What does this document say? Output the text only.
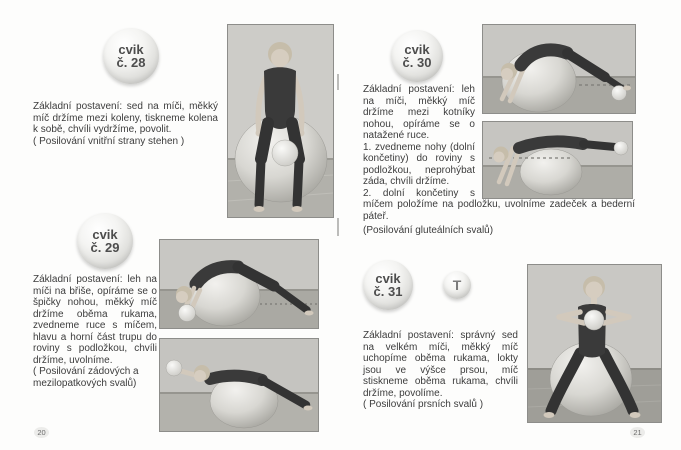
cvik
č. 28

Základní postavení: sed na míči, měkký míč držíme mezi koleny, tiskneme kolena k sobě, chvíli vydržíme, povolit.

( Posilování vnitřní strany stehen )

cvik
č. 29

Základní postavení: leh na míči na břiše, opíráme se o špičky nohou, měkký míč držíme oběma rukama, zvedneme ruce s míčem, hlavu a horní část trupu do roviny s podložkou, chvíli držíme, uvolníme.

( Posilování zádových a mezilopatkových svalů)

cvik
č. 30

Základní postavení: leh na míči, měkký míč držíme mezi kotníky nohou, opíráme se o natažené ruce.

1. zvedneme nohy (dolní končetiny) do roviny s podložkou, neprohýbat záda, chvíli držíme.

2. dolní končetiny s míčem položíme na podložku, uvolníme zadeček a bederní páteř.

(Posilování gluteálních svalů)

cvik
č. 31	T

Základní postavení: správný sed na velkém míči, měkký míč uchopíme oběma rukama, lokty jsou ve výšce prsou, míč stiskneme oběma rukama, chvíli držíme, povolíme.

( Posilování prsních svalů )

20	21
